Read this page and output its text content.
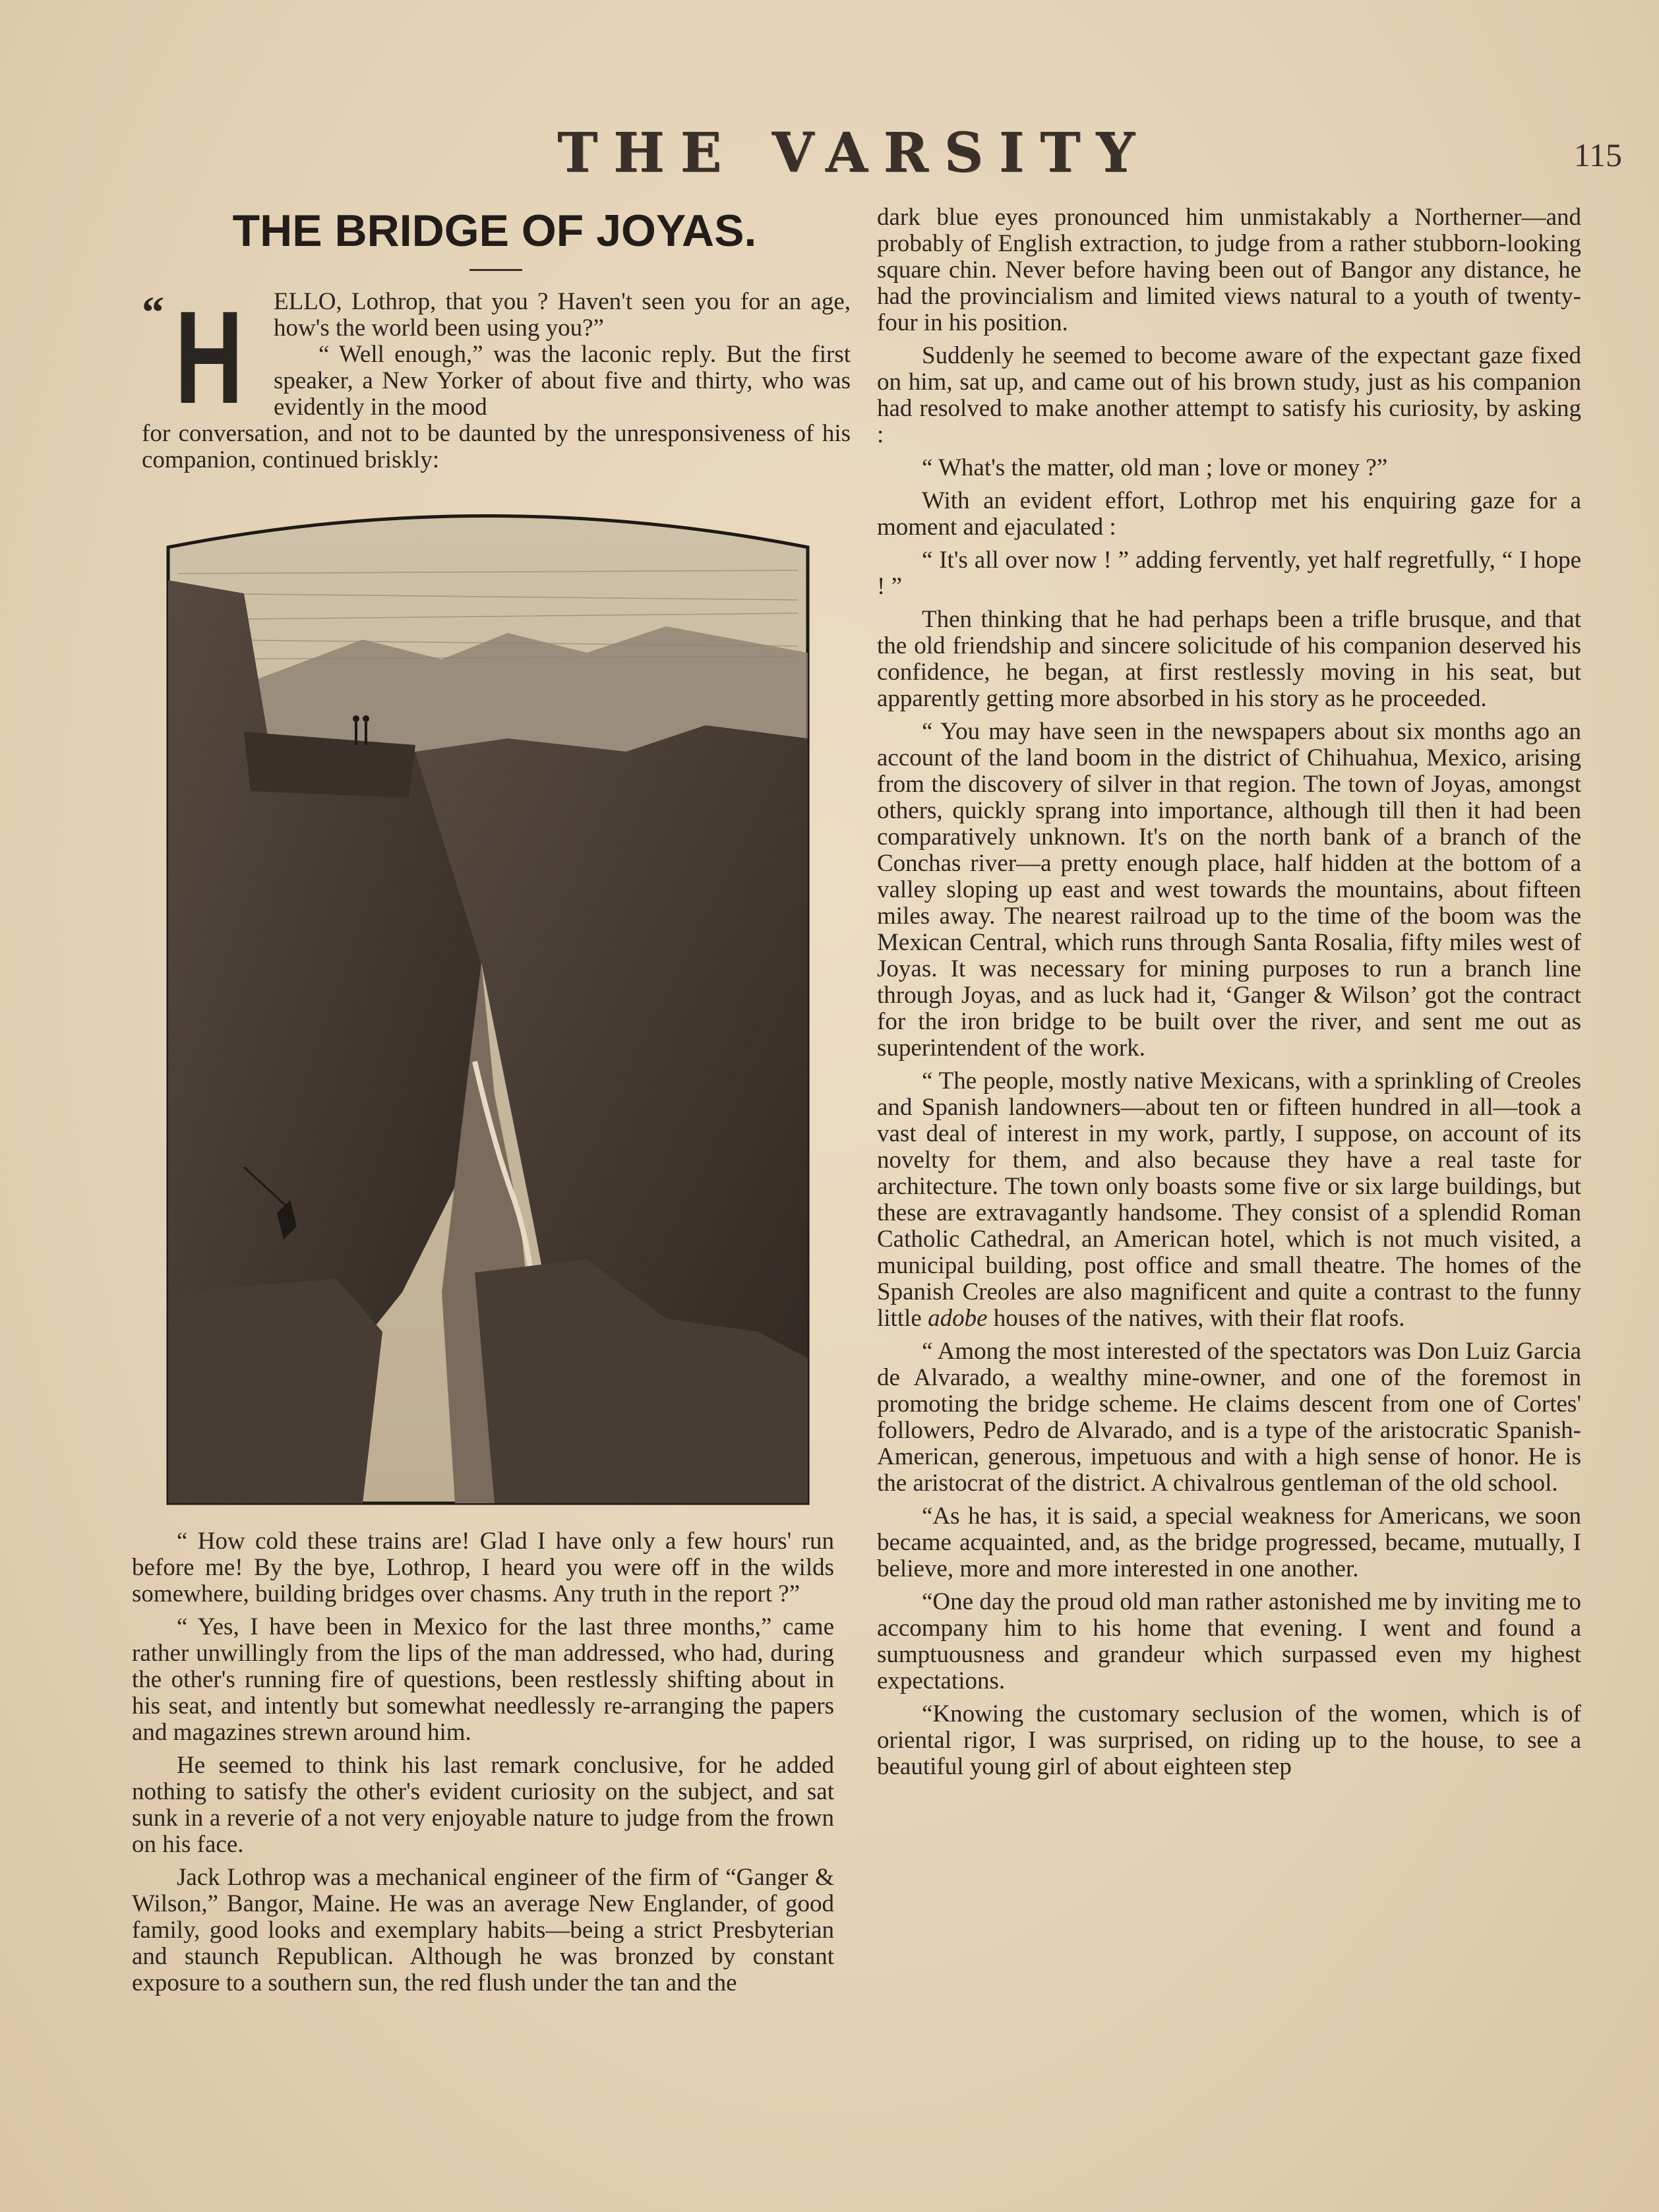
THE VARSITY	115
THE BRIDGE OF JOYAS.
“ H ELLO, Lothrop, that you ? Haven't seen you for an age, how's the world been using you?”

“ Well enough,” was the laconic reply. But the first speaker, a New Yorker of about five and thirty, who was evidently in the mood

for conversation, and not to be daunted by the unresponsiveness of his companion, continued briskly:

“ How cold these trains are! Glad I have only a few hours' run before me! By the bye, Lothrop, I heard you were off in the wilds somewhere, building bridges over chasms. Any truth in the report ?”

“ Yes, I have been in Mexico for the last three months,” came rather unwillingly from the lips of the man addressed, who had, during the other's running fire of questions, been restlessly shifting about in his seat, and intently but somewhat needlessly re-arranging the papers and magazines strewn around him.

He seemed to think his last remark conclusive, for he added nothing to satisfy the other's evident curiosity on the subject, and sat sunk in a reverie of a not very enjoyable nature to judge from the frown on his face.

Jack Lothrop was a mechanical engineer of the firm of “Ganger & Wilson,” Bangor, Maine. He was an average New Englander, of good family, good looks and exemplary habits—being a strict Presbyterian and staunch Republican. Although he was bronzed by constant exposure to a southern sun, the red flush under the tan and the

dark blue eyes pronounced him unmistakably a Northerner—and probably of English extraction, to judge from a rather stubborn-looking square chin. Never before having been out of Bangor any distance, he had the provincialism and limited views natural to a youth of twenty-four in his position.

Suddenly he seemed to become aware of the expectant gaze fixed on him, sat up, and came out of his brown study, just as his companion had resolved to make another attempt to satisfy his curiosity, by asking :

“ What's the matter, old man ; love or money ?”

With an evident effort, Lothrop met his enquiring gaze for a moment and ejaculated :

“ It's all over now ! ” adding fervently, yet half regretfully, “ I hope ! ”

Then thinking that he had perhaps been a trifle brusque, and that the old friendship and sincere solicitude of his companion deserved his confidence, he began, at first restlessly moving in his seat, but apparently getting more absorbed in his story as he proceeded.

“ You may have seen in the newspapers about six months ago an account of the land boom in the district of Chihuahua, Mexico, arising from the discovery of silver in that region. The town of Joyas, amongst others, quickly sprang into importance, although till then it had been comparatively unknown. It's on the north bank of a branch of the Conchas river—a pretty enough place, half hidden at the bottom of a valley sloping up east and west towards the mountains, about fifteen miles away. The nearest railroad up to the time of the boom was the Mexican Central, which runs through Santa Rosalia, fifty miles west of Joyas. It was necessary for mining purposes to run a branch line through Joyas, and as luck had it, ‘Ganger & Wilson’ got the contract for the iron bridge to be built over the river, and sent me out as superintendent of the work.

“ The people, mostly native Mexicans, with a sprinkling of Creoles and Spanish landowners—about ten or fifteen hundred in all—took a vast deal of interest in my work, partly, I suppose, on account of its novelty for them, and also because they have a real taste for architecture. The town only boasts some five or six large buildings, but these are extravagantly handsome. They consist of a splendid Roman Catholic Cathedral, an American hotel, which is not much visited, a municipal building, post office and small theatre. The homes of the Spanish Creoles are also magnificent and quite a contrast to the funny little adobe houses of the natives, with their flat roofs.

“ Among the most interested of the spectators was Don Luiz Garcia de Alvarado, a wealthy mine-owner, and one of the foremost in promoting the bridge scheme. He claims descent from one of Cortes' followers, Pedro de Alvarado, and is a type of the aristocratic Spanish-American, generous, impetuous and with a high sense of honor. He is the aristocrat of the district. A chivalrous gentleman of the old school.

“As he has, it is said, a special weakness for Americans, we soon became acquainted, and, as the bridge progressed, became, mutually, I believe, more and more interested in one another.

“One day the proud old man rather astonished me by inviting me to accompany him to his home that evening. I went and found a sumptuousness and grandeur which surpassed even my highest expectations.

“Knowing the customary seclusion of the women, which is of oriental rigor, I was surprised, on riding up to the house, to see a beautiful young girl of about eighteen step
